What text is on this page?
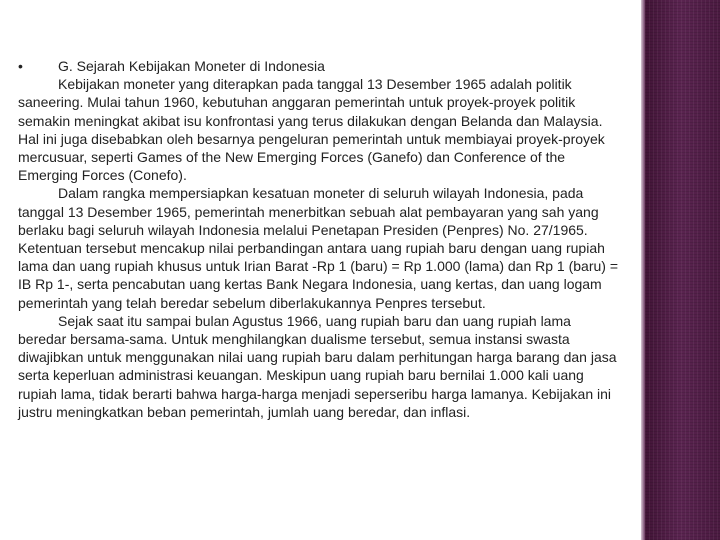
•	G. Sejarah Kebijakan Moneter di Indonesia

Kebijakan moneter yang diterapkan pada tanggal 13 Desember 1965 adalah politik saneering. Mulai tahun 1960, kebutuhan anggaran pemerintah untuk proyek-proyek politik semakin meningkat akibat isu konfrontasi yang terus dilakukan dengan Belanda dan Malaysia. Hal ini juga disebabkan oleh besarnya pengeluran pemerintah untuk membiayai proyek-proyek mercusuar, seperti Games of the New Emerging Forces (Ganefo) dan Conference of the Emerging Forces (Conefo).

Dalam rangka mempersiapkan kesatuan moneter di seluruh wilayah Indonesia, pada tanggal 13 Desember 1965, pemerintah menerbitkan sebuah alat pembayaran yang sah yang berlaku bagi seluruh wilayah Indonesia melalui Penetapan Presiden (Penpres) No. 27/1965. Ketentuan tersebut mencakup nilai perbandingan antara uang rupiah baru dengan uang rupiah lama dan uang rupiah khusus untuk Irian Barat -Rp 1 (baru) = Rp 1.000 (lama) dan Rp 1 (baru) = IB Rp 1-, serta pencabutan uang kertas Bank Negara Indonesia, uang kertas, dan uang logam pemerintah yang telah beredar sebelum diberlakukannya Penpres tersebut.

Sejak saat itu sampai bulan Agustus 1966, uang rupiah baru dan uang rupiah lama beredar bersama-sama. Untuk menghilangkan dualisme tersebut, semua instansi swasta diwajibkan untuk menggunakan nilai uang rupiah baru dalam perhitungan harga barang dan jasa serta keperluan administrasi keuangan. Meskipun uang rupiah baru bernilai 1.000 kali uang rupiah lama, tidak berarti bahwa harga-harga menjadi seperseribu harga lamanya. Kebijakan ini justru meningkatkan beban pemerintah, jumlah uang beredar, dan inflasi.
